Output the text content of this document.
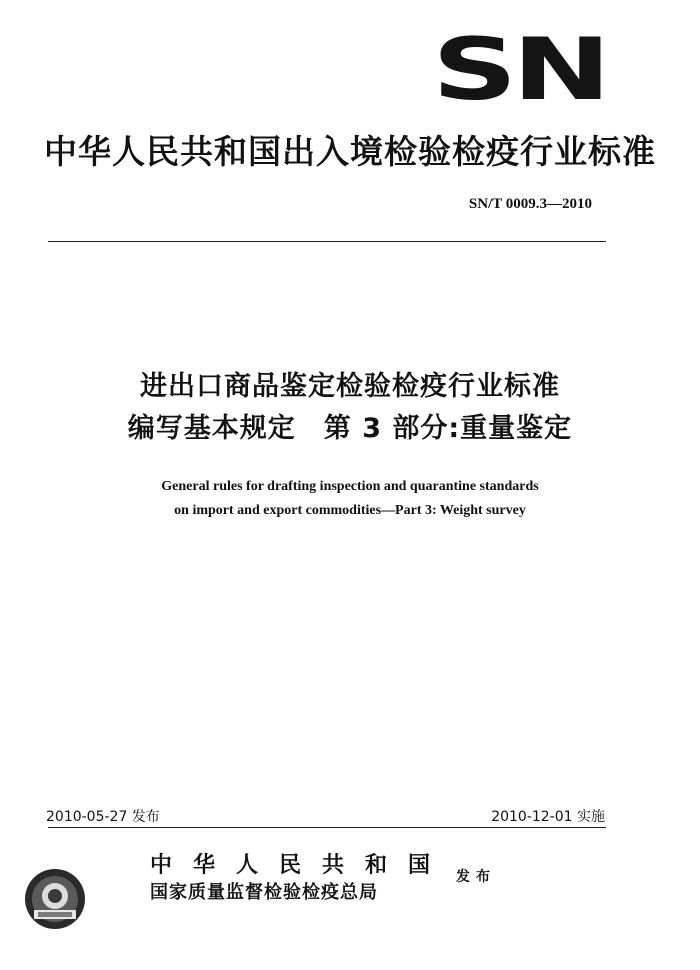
SN
中华人民共和国出入境检验检疫行业标准
SN/T 0009.3—2010
进出口商品鉴定检验检疫行业标准
编写基本规定　第 3 部分:重量鉴定
General rules for drafting inspection and quarantine standards
on import and export commodities—Part 3: Weight survey
2010-05-27 发布	2010-12-01 实施
中华人民共和国
国家质量监督检验检疫总局
发布
